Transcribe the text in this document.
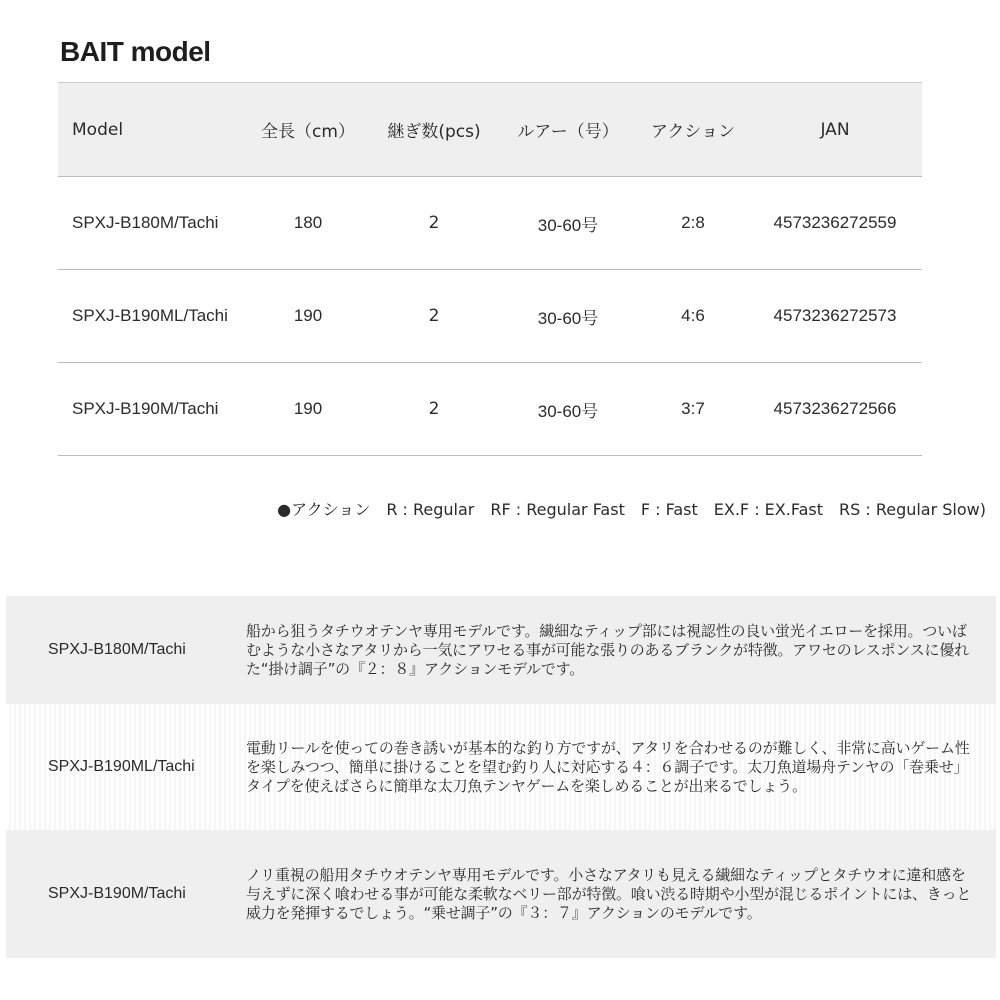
BAIT model
Model	全長（cm）	継ぎ数(pcs)	ルアー（号）	アクション	JAN
SPXJ-B180M/Tachi	180	2	30-60号	2:8	4573236272559
SPXJ-B190ML/Tachi	190	2	30-60号	4:6	4573236272573
SPXJ-B190M/Tachi	190	2	30-60号	3:7	4573236272566
●アクション　R : Regular　RF : Regular Fast　F : Fast　EX.F : EX.Fast　RS : Regular Slow)
SPXJ-B180M/Tachi
船から狙うタチウオテンヤ専用モデルです。繊細なティップ部には視認性の良い蛍光イエローを採用。ついばむような小さなアタリから一気にアワセる事が可能な張りのあるブランクが特徴。アワセのレスポンスに優れた“掛け調子”の『２：８』アクションモデルです。
SPXJ-B190ML/Tachi
電動リールを使っての巻き誘いが基本的な釣り方ですが、アタリを合わせるのが難しく、非常に高いゲーム性を楽しみつつ、簡単に掛けることを望む釣り人に対応する４：６調子です。太刀魚道場舟テンヤの「巻乗せ」タイプを使えばさらに簡単な太刀魚テンヤゲームを楽しめることが出来るでしょう。
SPXJ-B190M/Tachi
ノリ重視の船用タチウオテンヤ専用モデルです。小さなアタリも見える繊細なティップとタチウオに違和感を与えずに深く喰わせる事が可能な柔軟なベリー部が特徴。喰い渋る時期や小型が混じるポイントには、きっと威力を発揮するでしょう。“乗せ調子”の『３：７』アクションのモデルです。
